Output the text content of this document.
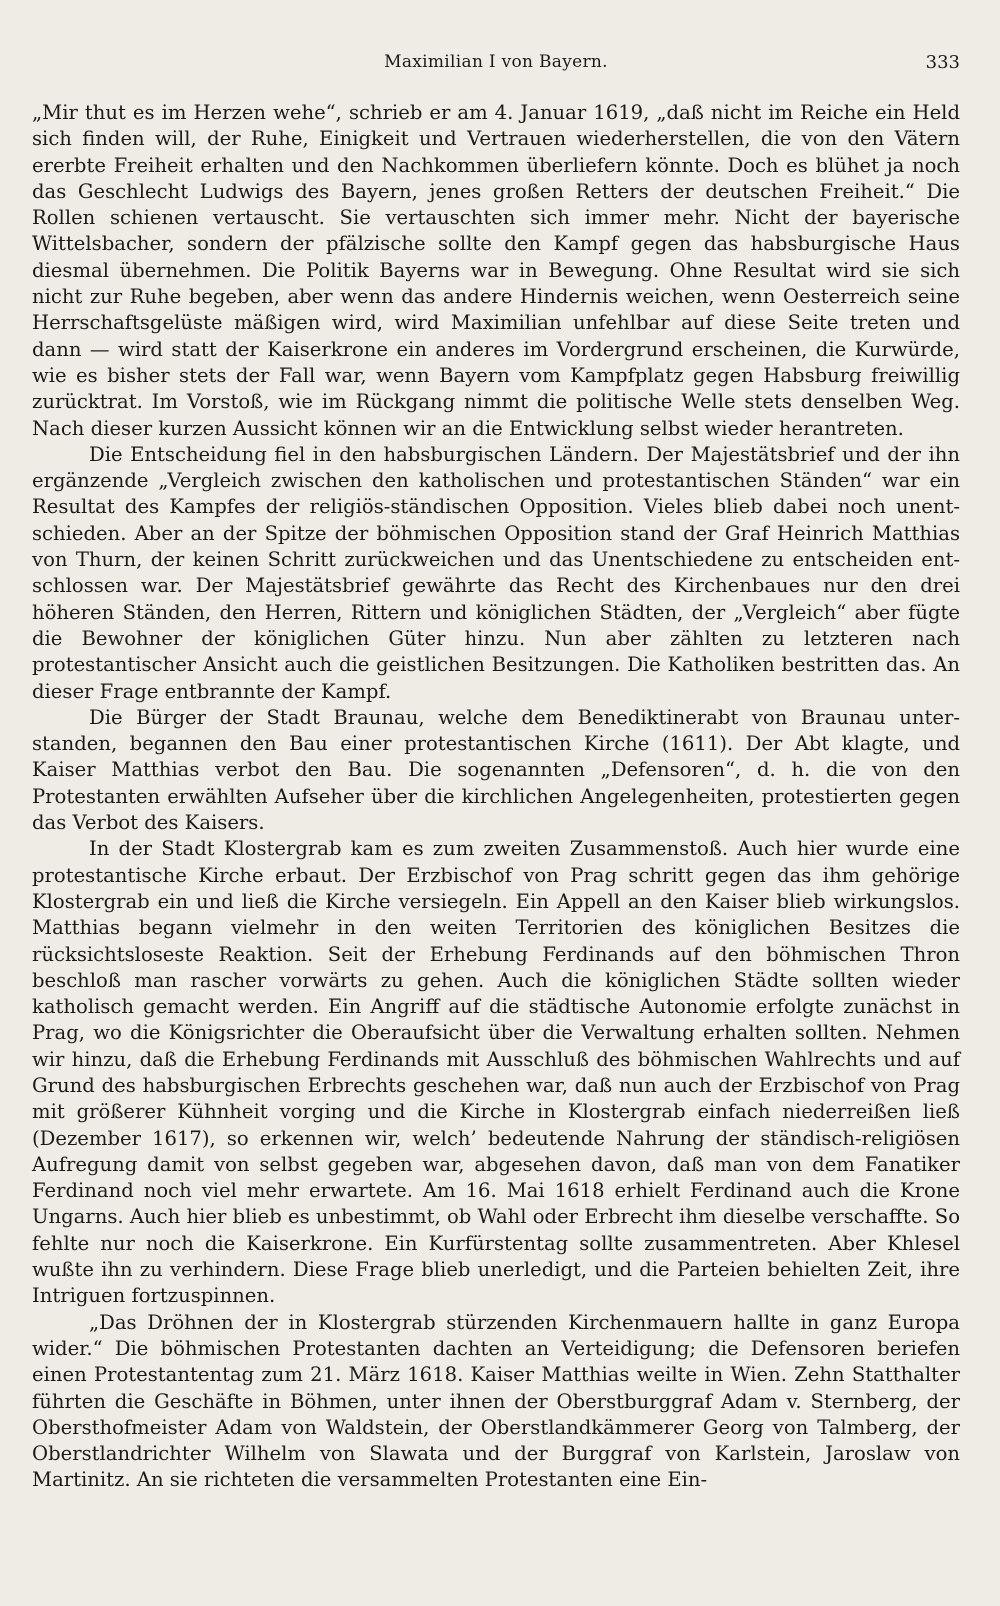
Maximilian I von Bayern.	333

„Mir thut es im Herzen wehe“, schrieb er am 4. Januar 1619, „daß nicht im Reiche ein Held sich finden will, der Ruhe, Einigkeit und Vertrauen wiederherstellen, die von den Vätern ererbte Freiheit erhalten und den Nachkommen überliefern könnte. Doch es blühet ja noch das Geschlecht Ludwigs des Bayern, jenes großen Retters der deutschen Freiheit.“ Die Rollen schienen vertauscht. Sie vertauschten sich immer mehr. Nicht der bayerische Wittelsbacher, sondern der pfälzische sollte den Kampf gegen das habsburgische Haus diesmal übernehmen. Die Politik Bayerns war in Bewegung. Ohne Resultat wird sie sich nicht zur Ruhe begeben, aber wenn das andere Hindernis weichen, wenn Oesterreich seine Herrschaftsgelüste mäßigen wird, wird Maximilian unfehlbar auf diese Seite treten und dann — wird statt der Kaiserkrone ein anderes im Vordergrund erscheinen, die Kurwürde, wie es bisher stets der Fall war, wenn Bayern vom Kampfplatz gegen Habsburg freiwillig zurücktrat. Im Vorstoß, wie im Rückgang nimmt die politische Welle stets denselben Weg. Nach dieser kurzen Aussicht können wir an die Entwicklung selbst wieder herantreten.

Die Entscheidung fiel in den habsburgischen Ländern. Der Majestätsbrief und der ihn ergänzende „Vergleich zwischen den katholischen und protestantischen Ständen“ war ein Resultat des Kampfes der religiös-ständischen Opposition. Vieles blieb dabei noch unentschieden. Aber an der Spitze der böhmischen Opposition stand der Graf Heinrich Matthias von Thurn, der keinen Schritt zurückweichen und das Unentschiedene zu entscheiden entschlossen war. Der Majestätsbrief gewährte das Recht des Kirchenbaues nur den drei höheren Ständen, den Herren, Rittern und königlichen Städten, der „Vergleich“ aber fügte die Bewohner der königlichen Güter hinzu. Nun aber zählten zu letzteren nach protestantischer Ansicht auch die geistlichen Besitzungen. Die Katholiken bestritten das. An dieser Frage entbrannte der Kampf.

Die Bürger der Stadt Braunau, welche dem Benediktinerabt von Braunau unterstanden, begannen den Bau einer protestantischen Kirche (1611). Der Abt klagte, und Kaiser Matthias verbot den Bau. Die sogenannten „Defensoren“, d. h. die von den Protestanten erwählten Aufseher über die kirchlichen Angelegenheiten, protestierten gegen das Verbot des Kaisers.

In der Stadt Klostergrab kam es zum zweiten Zusammenstoß. Auch hier wurde eine protestantische Kirche erbaut. Der Erzbischof von Prag schritt gegen das ihm gehörige Klostergrab ein und ließ die Kirche versiegeln. Ein Appell an den Kaiser blieb wirkungslos. Matthias begann vielmehr in den weiten Territorien des königlichen Besitzes die rücksichtsloseste Reaktion. Seit der Erhebung Ferdinands auf den böhmischen Thron beschloß man rascher vorwärts zu gehen. Auch die königlichen Städte sollten wieder katholisch gemacht werden. Ein Angriff auf die städtische Autonomie erfolgte zunächst in Prag, wo die Königsrichter die Oberaufsicht über die Verwaltung erhalten sollten. Nehmen wir hinzu, daß die Erhebung Ferdinands mit Ausschluß des böhmischen Wahlrechts und auf Grund des habsburgischen Erbrechts geschehen war, daß nun auch der Erzbischof von Prag mit größerer Kühnheit vorging und die Kirche in Klostergrab einfach niederreißen ließ (Dezember 1617), so erkennen wir, welch’ bedeutende Nahrung der ständisch-religiösen Aufregung damit von selbst gegeben war, abgesehen davon, daß man von dem Fanatiker Ferdinand noch viel mehr erwartete. Am 16. Mai 1618 erhielt Ferdinand auch die Krone Ungarns. Auch hier blieb es unbestimmt, ob Wahl oder Erbrecht ihm dieselbe verschaffte. So fehlte nur noch die Kaiserkrone. Ein Kurfürstentag sollte zusammentreten. Aber Khlesel wußte ihn zu verhindern. Diese Frage blieb unerledigt, und die Parteien behielten Zeit, ihre Intriguen fortzuspinnen.

„Das Dröhnen der in Klostergrab stürzenden Kirchenmauern hallte in ganz Europa wider.“ Die böhmischen Protestanten dachten an Verteidigung; die Defensoren beriefen einen Protestantentag zum 21. März 1618. Kaiser Matthias weilte in Wien. Zehn Statthalter führten die Geschäfte in Böhmen, unter ihnen der Oberstburggraf Adam v. Sternberg, der Obersthofmeister Adam von Waldstein, der Oberstlandkämmerer Georg von Talmberg, der Oberstlandrichter Wilhelm von Slawata und der Burggraf von Karlstein, Jaroslaw von Martinitz. An sie richteten die versammelten Protestanten eine Ein-
